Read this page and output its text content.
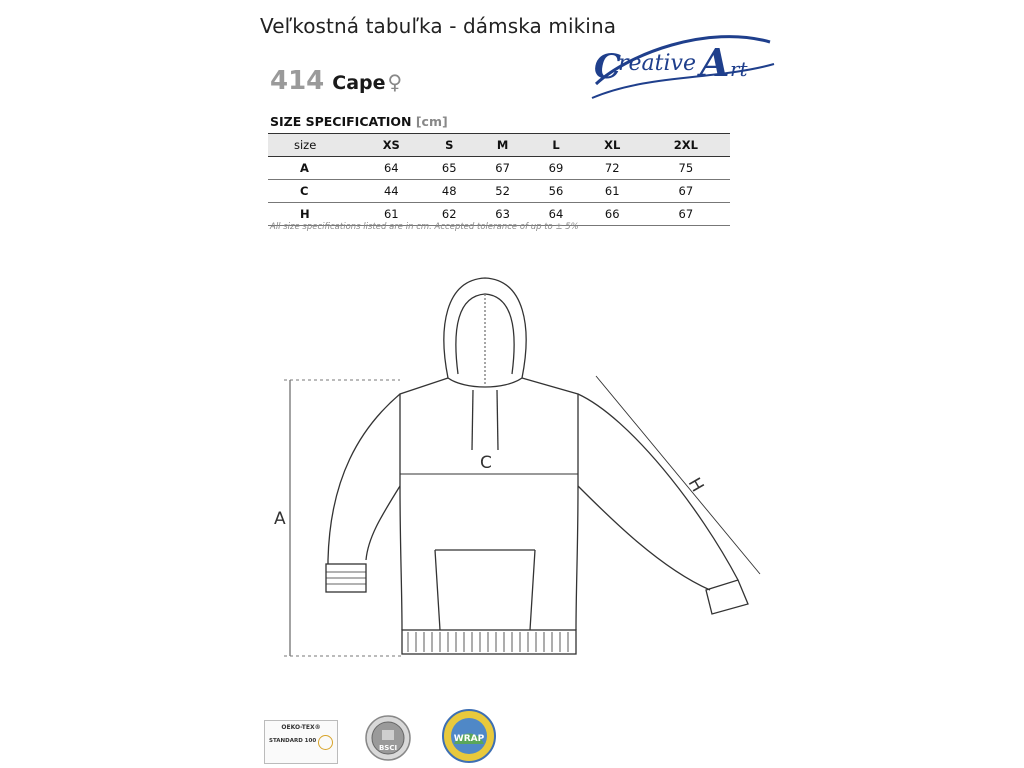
Veľkostná tabuľka - dámska mikina
C
reative A rt
414 Cape ♀
SIZE SPECIFICATION [cm]
size	XS	S	M	L	XL	2XL
A	64	65	67	69	72	75
C	44	48	52	56	61	67
H	61	62	63	64	66	67
All size specifications listed are in cm. Accepted tolerance of up to ± 5%
A
C
H
OEKO-TEX®
STANDARD 100
BSCI
WRAP
